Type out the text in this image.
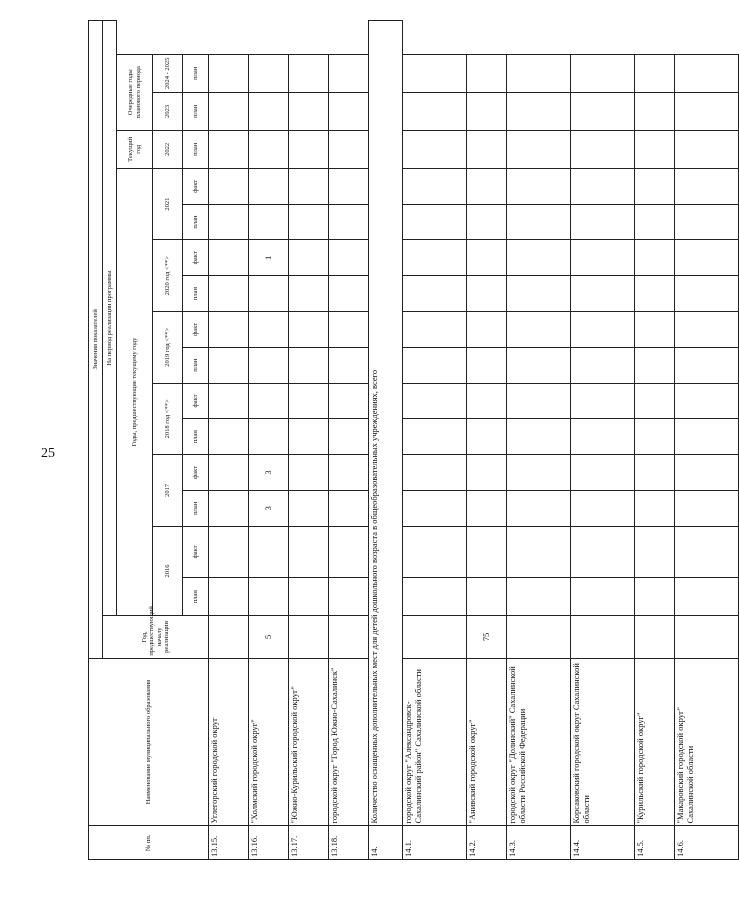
25
№ пп.	Наименование муниципального образования	Значения показателей															
		Год, предшествующий началу реализации	На период реализации программы														
			Годы, предшествующие текущему году												Текущий год	Очередные годы планового периода	
			2016		2017		2018 год <**>		2019 год <**>		2020 год <**>		2021		2022	2023	2024 - 2025
			план	факт	план	факт	план	факт	план	факт	план	факт	план	факт	план	план	план
13.15.	Углегорский городской округ																
13.16.	"Холмский городской округ"	5			3	3						1					
13.17.	"Южно-Курильский городской округ"																
13.18.	городской округ "Город Южно-Сахалинск"																
14.	Количество оснащенных дополнительных мест для детей дошкольного возраста в общеобразовательных учреждениях, всего																
14.1.	городской округ "Александровск-Сахалинский район" Сахалинской области																
14.2.	"Анивский городской округ"	75															
14.3.	городской округ "Долинский" Сахалинской области Российской Федерации																
14.4.	Корсаковский городской округ Сахалинской области																
14.5.	"Курильский городской округ"																
14.6.	"Макаровский городской округ" Сахалинской области																
